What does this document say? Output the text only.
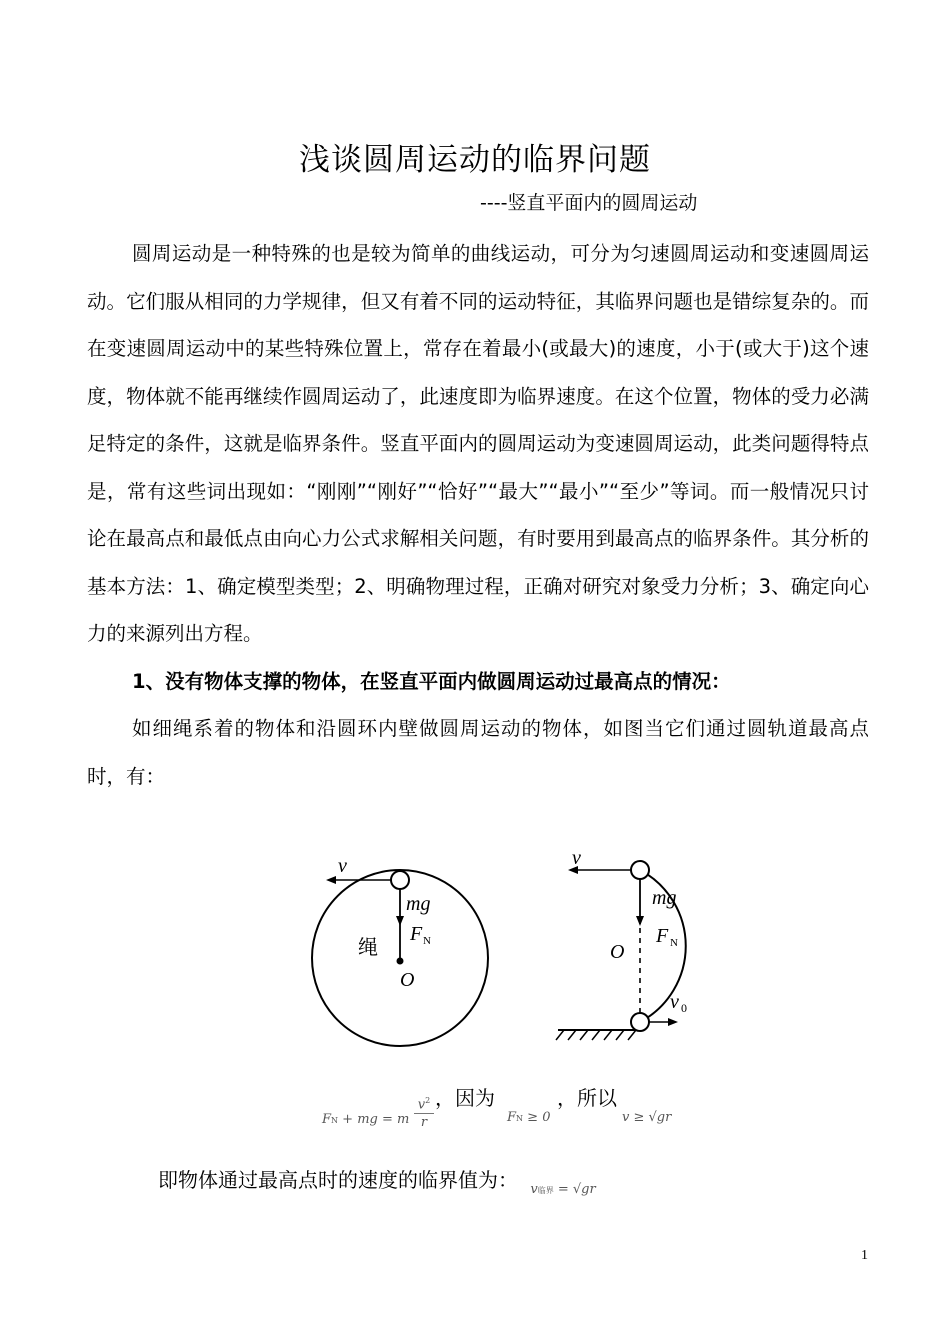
浅谈圆周运动的临界问题
----竖直平面内的圆周运动

圆周运动是一种特殊的也是较为简单的曲线运动，可分为匀速圆周运动和变速圆周运动。它们服从相同的力学规律，但又有着不同的运动特征，其临界问题也是错综复杂的。而在变速圆周运动中的某些特殊位置上，常存在着最小(或最大)的速度，小于(或大于)这个速度，物体就不能再继续作圆周运动了，此速度即为临界速度。在这个位置，物体的受力必满足特定的条件，这就是临界条件。竖直平面内的圆周运动为变速圆周运动，此类问题得特点是，常有这些词出现如：“刚刚”“刚好”“恰好”“最大”“最小”“至少”等词。而一般情况只讨论在最高点和最低点由向心力公式求解相关问题，有时要用到最高点的临界条件。其分析的基本方法：1、确定模型类型；2、明确物理过程，正确对研究对象受力分析；3、确定向心力的来源列出方程。

1、没有物体支撑的物体，在竖直平面内做圆周运动过最高点的情况：

如细绳系着的物体和沿圆环内壁做圆周运动的物体，如图当它们通过圆轨道最高点时，有：

v
mg
F N
绳
O
v
mg
F N
O
v 0
FN + mg = m
$v^2$
r
，因为
FN ≥ 0
，所以
v ≥ √gr
即物体通过最高点时的速度的临界值为： $_{v临界 = √gr}$
1
